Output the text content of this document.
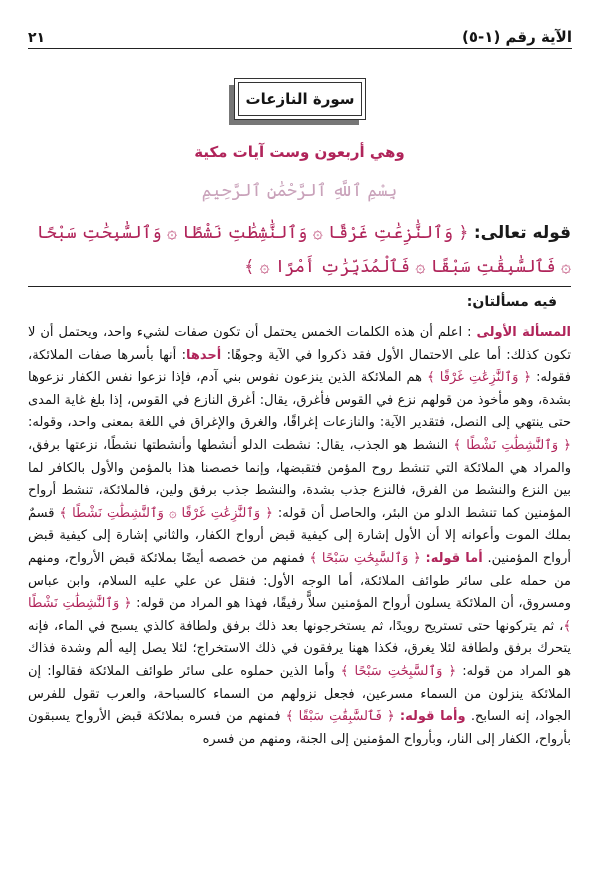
الآية رقم (١-٥)
٢١
سورة النازعات
وهي أربعون وست آيات مكية
بِسْمِ ٱللَّهِ ٱلرَّحْمَٰنِ ٱلرَّحِيمِ
قوله تعالى: ﴿ وَٱلنَّٰزِعَٰتِ غَرْقًا ۞ وَٱلنَّٰشِطَٰتِ نَشْطًا ۞ وَٱلسَّٰبِحَٰتِ سَبْحًا ۞ فَٱلسَّٰبِقَٰتِ سَبْقًا ۞ فَٱلْمُدَبِّرَٰتِ أَمْرًا ۞ ﴾
فيه مسألتان:

المسألة الأولى : اعلم أن هذه الكلمات الخمس يحتمل أن تكون صفات لشيء واحد، ويحتمل أن لا تكون كذلك: أما على الاحتمال الأول فقد ذكروا في الآية وجوهًا: أحدها: أنها بأسرها صفات الملائكة، فقوله: ﴿ وَٱلنَّٰزِعَٰتِ غَرْقًا ﴾ هم الملائكة الذين ينزعون نفوس بني آدم، فإذا نزعوا نفس الكفار نزعوها بشدة، وهو مأخوذ من قولهم نزع في القوس فأغرق، يقال: أغرق النازع في القوس، إذا بلغ غاية المدى حتى ينتهي إلى النصل، فتقدير الآية: والنازعات إغراقًا، والغرق والإغراق في اللغة بمعنى واحد، وقوله: ﴿ وَٱلنَّٰشِطَٰتِ نَشْطًا ﴾ النشط هو الجذب، يقال: نشطت الدلو أنشطها وأنشطتها نشطًا، نزعتها برفق، والمراد هي الملائكة التي تنشط روح المؤمن فتقبضها، وإنما خصصنا هذا بالمؤمن والأول بالكافر لما بين النزع والنشط من الفرق، فالنزع جذب بشدة، والنشط جذب برفق ولين، فالملائكة، تنشط أرواح المؤمنين كما تنشط الدلو من البئر، والحاصل أن قوله: ﴿ وَٱلنَّٰزِعَٰتِ غَرْقًا ۞ وَٱلنَّٰشِطَٰتِ نَشْطًا ﴾ قسمٌ بملك الموت وأعوانه إلا أن الأول إشارة إلى كيفية قبض أرواح الكفار، والثاني إشارة إلى كيفية قبض أرواح المؤمنين. أما قوله: ﴿ وَٱلسَّٰبِحَٰتِ سَبْحًا ﴾ فمنهم من خصصه أيضًا بملائكة قبض الأرواح، ومنهم من حمله على سائر طوائف الملائكة، أما الوجه الأول: فنقل عن علي عليه السلام، وابن عباس ومسروق، أن الملائكة يسلون أرواح المؤمنين سلاًّ رفيقًا، فهذا هو المراد من قوله: ﴿ وَٱلنَّٰشِطَٰتِ نَشْطًا ﴾، ثم يتركونها حتى تستريح رويدًا، ثم يستخرجونها بعد ذلك برفق ولطافة كالذي يسبح في الماء، فإنه يتحرك برفق ولطافة لئلا يغرق، فكذا ههنا يرفقون في ذلك الاستخراج؛ لئلا يصل إليه ألم وشدة فذاك هو المراد من قوله: ﴿ وَٱلسَّٰبِحَٰتِ سَبْحًا ﴾ وأما الذين حملوه على سائر طوائف الملائكة فقالوا: إن الملائكة ينزلون من السماء مسرعين، فجعل نزولهم من السماء كالسباحة، والعرب تقول للفرس الجواد، إنه السابح. وأما قوله: ﴿ فَٱلسَّٰبِقَٰتِ سَبْقًا ﴾ فمنهم من فسره بملائكة قبض الأرواح يسبقون بأرواح، الكفار إلى النار، وبأرواح المؤمنين إلى الجنة، ومنهم من فسره
